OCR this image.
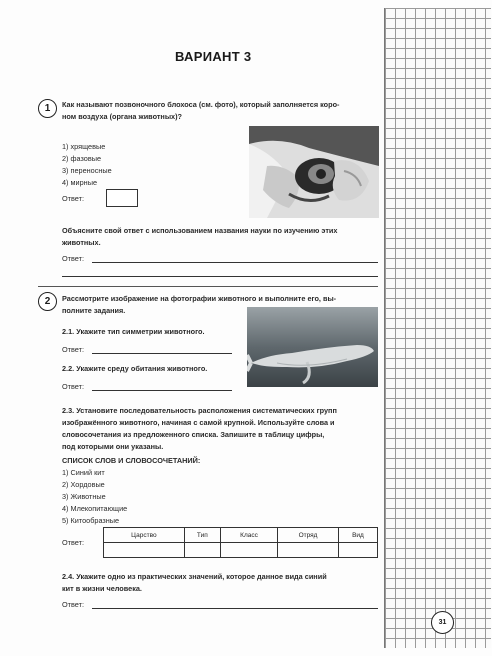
ВАРИАНТ 3
1	Как называют позвоночного блохоса (см. фото), который заполняется коро-
ном воздуха (органа животных)?
1) хрящевые
2) фазовые
3) переносные
4) мирные
Ответ:
Объясните свой ответ с использованием названия науки по изучению этих
животных.
Ответ:
2	Рассмотрите изображение на фотографии животного и выполните его, вы-
полните задания.
2.1. Укажите тип симметрии животного.
Ответ:
2.2. Укажите среду обитания животного.
Ответ:
2.3. Установите последовательность расположения систематических групп
изображённого животного, начиная с самой крупной. Используйте слова и
словосочетания из предложенного списка. Запишите в таблицу цифры,
под которыми они указаны.
СПИСОК СЛОВ И СЛОВОСОЧЕТАНИЙ:
1) Синий кит
2) Хордовые
3) Животные
4) Млекопитающие
5) Китообразные
Ответ:
Царство	Тип	Класс	Отряд	Вид

2.4. Укажите одно из практических значений, которое данное вида синий
кит в жизни человека.
Ответ:
31
